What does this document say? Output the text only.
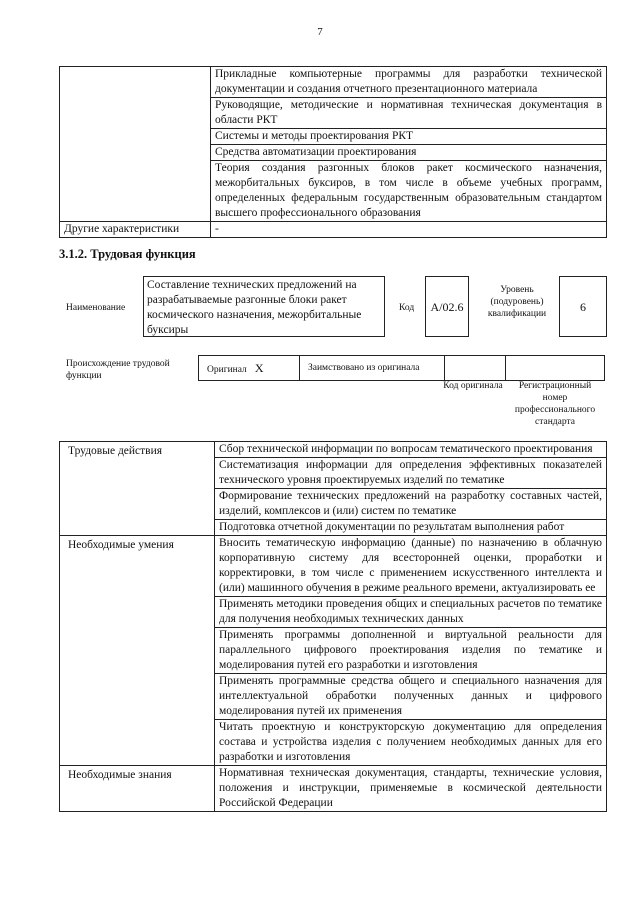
7
	Прикладные компьютерные программы для разработки технической документации и создания отчетного презентационного материала
	Руководящие, методические и нормативная техническая документация в области РКТ
	Системы и методы проектирования РКТ
	Средства автоматизации проектирования
	Теория создания разгонных блоков ракет космического назначения, межорбитальных буксиров, в том числе в объеме учебных программ, определенных федеральным государственным образовательным стандартом высшего профессионального образования
Другие характеристики	-
3.1.2. Трудовая функция
Наименование
Составление технических предложений на разрабатываемые разгонные блоки ракет космического назначения, межорбитальные буксиры
Код	А/02.6
Уровень (подуровень) квалификации	6
Происхождение трудовой функции
Оригинал X	Заимствовано из оригинала		
Код оригинала	Регистрационный номер профессионального стандарта
Трудовые действия	Сбор технической информации по вопросам тематического проектирования
	Систематизация информации для определения эффективных показателей технического уровня проектируемых изделий по тематике
	Формирование технических предложений на разработку составных частей, изделий, комплексов и (или) систем по тематике
	Подготовка отчетной документации по результатам выполнения работ
Необходимые умения	Вносить тематическую информацию (данные) по назначению в облачную корпоративную систему для всесторонней оценки, проработки и корректировки, в том числе с применением искусственного интеллекта и (или) машинного обучения в режиме реального времени, актуализировать ее
	Применять методики проведения общих и специальных расчетов по тематике для получения необходимых технических данных
	Применять программы дополненной и виртуальной реальности для параллельного цифрового проектирования изделия по тематике и моделирования путей его разработки и изготовления
	Применять программные средства общего и специального назначения для интеллектуальной обработки полученных данных и цифрового моделирования путей их применения
	Читать проектную и конструкторскую документацию для определения состава и устройства изделия с получением необходимых данных для его разработки и изготовления
Необходимые знания	Нормативная техническая документация, стандарты, технические условия, положения и инструкции, применяемые в космической деятельности Российской Федерации
